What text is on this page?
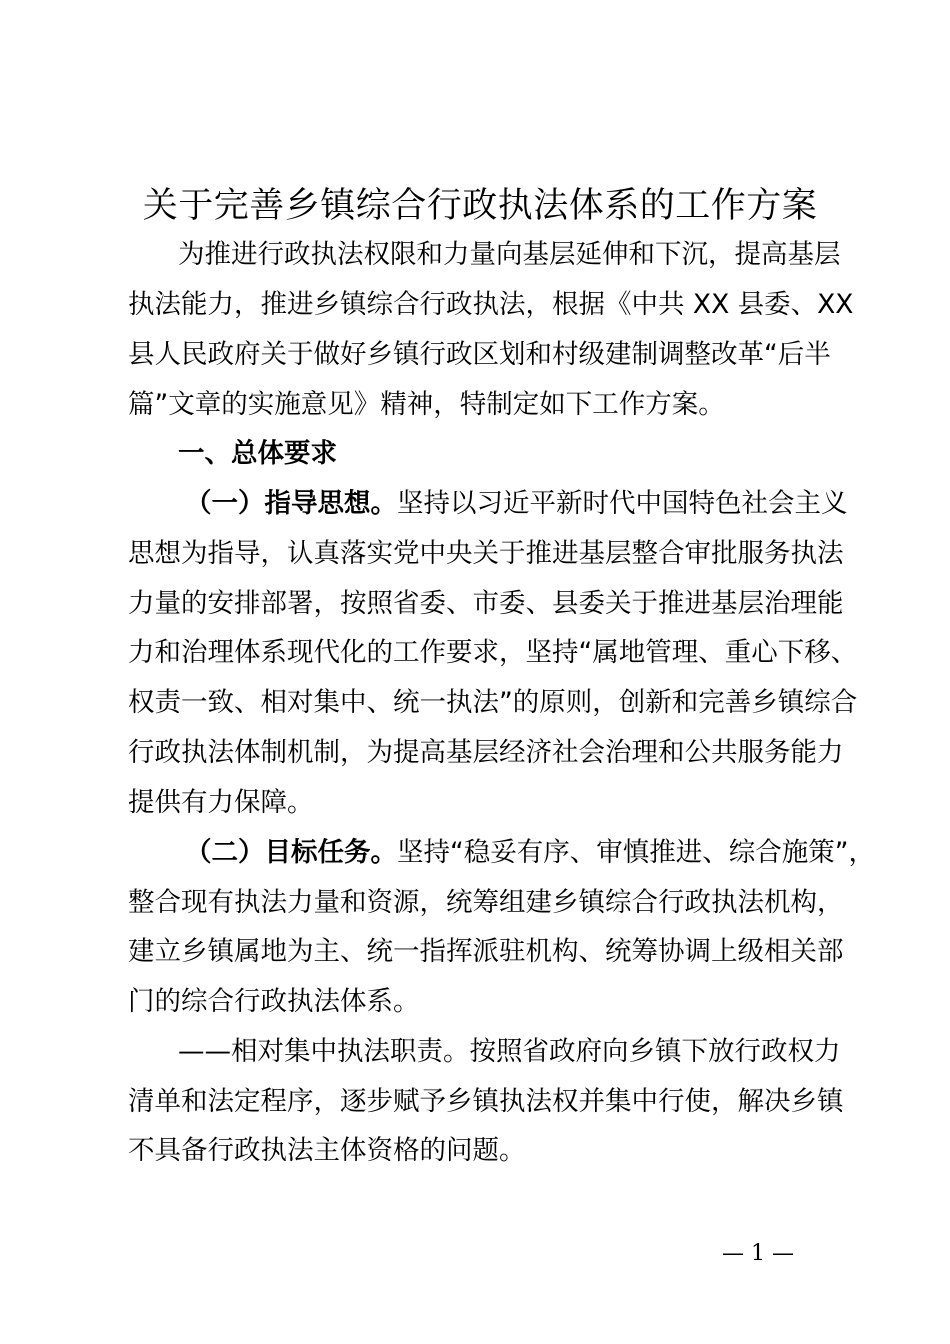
关于完善乡镇综合行政执法体系的工作方案
为推进行政执法权限和力量向基层延伸和下沉，提高基层
执法能力，推进乡镇综合行政执法，根据《中共 XX 县委、XX
县人民政府关于做好乡镇行政区划和村级建制调整改革“后半
篇”文章的实施意见》精神，特制定如下工作方案。
一、总体要求
（一）指导思想。坚持以习近平新时代中国特色社会主义
思想为指导，认真落实党中央关于推进基层整合审批服务执法
力量的安排部署，按照省委、市委、县委关于推进基层治理能
力和治理体系现代化的工作要求，坚持“属地管理、重心下移、
权责一致、相对集中、统一执法”的原则，创新和完善乡镇综合
行政执法体制机制，为提高基层经济社会治理和公共服务能力
提供有力保障。
（二）目标任务。坚持“稳妥有序、审慎推进、综合施策”，
整合现有执法力量和资源，统筹组建乡镇综合行政执法机构，
建立乡镇属地为主、统一指挥派驻机构、统筹协调上级相关部
门的综合行政执法体系。
——相对集中执法职责。按照省政府向乡镇下放行政权力
清单和法定程序，逐步赋予乡镇执法权并集中行使，解决乡镇
不具备行政执法主体资格的问题。
— 1 —
